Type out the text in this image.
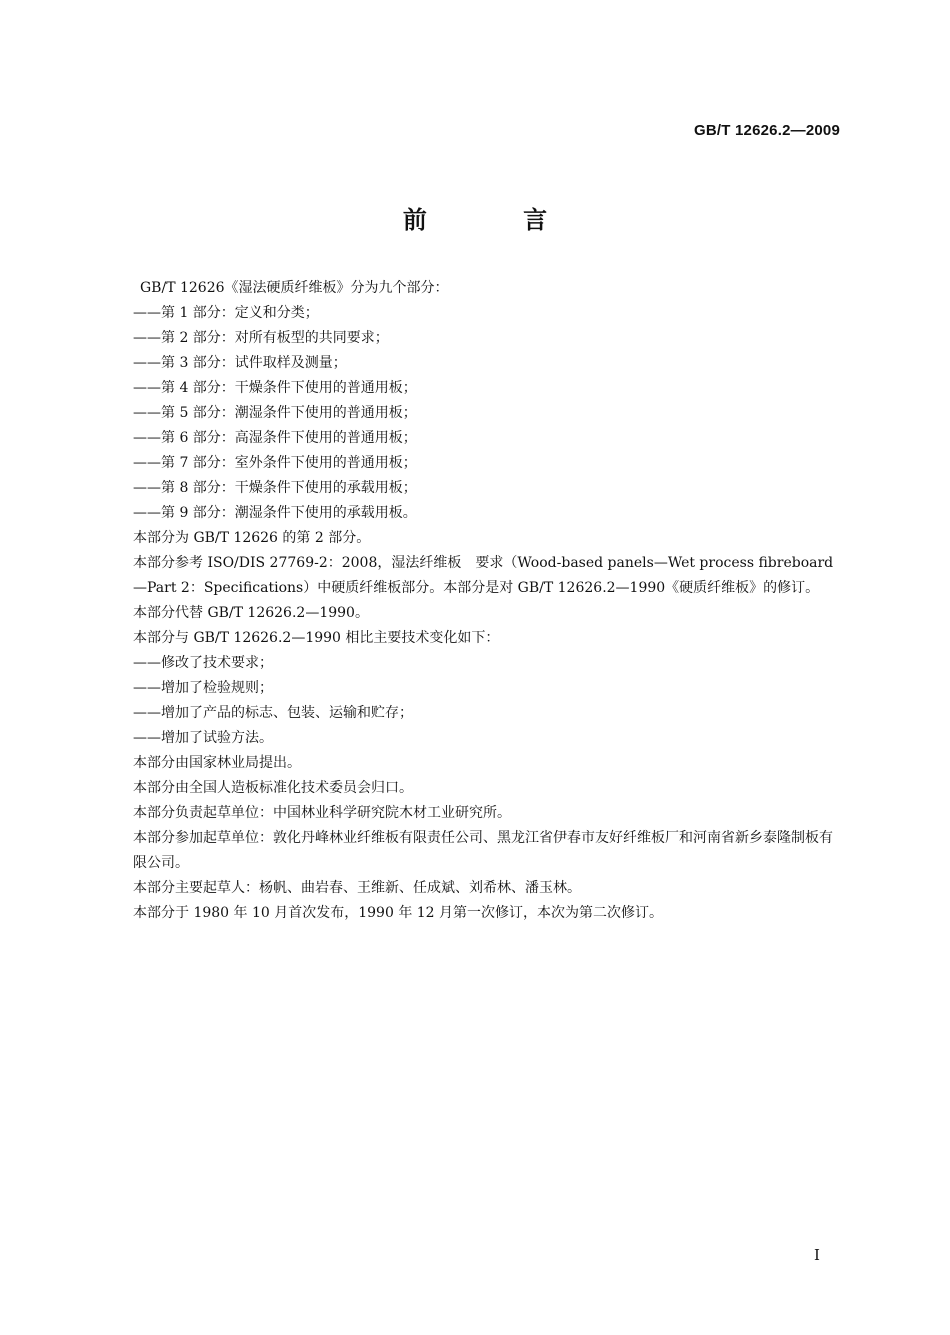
GB/T 12626.2—2009
前 言

GB/T 12626《湿法硬质纤维板》分为九个部分：

——第 1 部分：定义和分类；
——第 2 部分：对所有板型的共同要求；
——第 3 部分：试件取样及测量；
——第 4 部分：干燥条件下使用的普通用板；
——第 5 部分：潮湿条件下使用的普通用板；
——第 6 部分：高湿条件下使用的普通用板；
——第 7 部分：室外条件下使用的普通用板；
——第 8 部分：干燥条件下使用的承载用板；
——第 9 部分：潮湿条件下使用的承载用板。

本部分为 GB/T 12626 的第 2 部分。

本部分参考 ISO/DIS 27769-2：2008，湿法纤维板　要求（Wood-based panels—Wet process fibreboard—Part 2：Specifications）中硬质纤维板部分。本部分是对 GB/T 12626.2—1990《硬质纤维板》的修订。

本部分代替 GB/T 12626.2—1990。

本部分与 GB/T 12626.2—1990 相比主要技术变化如下：

——修改了技术要求；
——增加了检验规则；
——增加了产品的标志、包装、运输和贮存；
——增加了试验方法。

本部分由国家林业局提出。

本部分由全国人造板标准化技术委员会归口。

本部分负责起草单位：中国林业科学研究院木材工业研究所。

本部分参加起草单位：敦化丹峰林业纤维板有限责任公司、黑龙江省伊春市友好纤维板厂和河南省新乡泰隆制板有限公司。

本部分主要起草人：杨帆、曲岩春、王维新、任成斌、刘希林、潘玉林。

本部分于 1980 年 10 月首次发布，1990 年 12 月第一次修订，本次为第二次修订。

I
